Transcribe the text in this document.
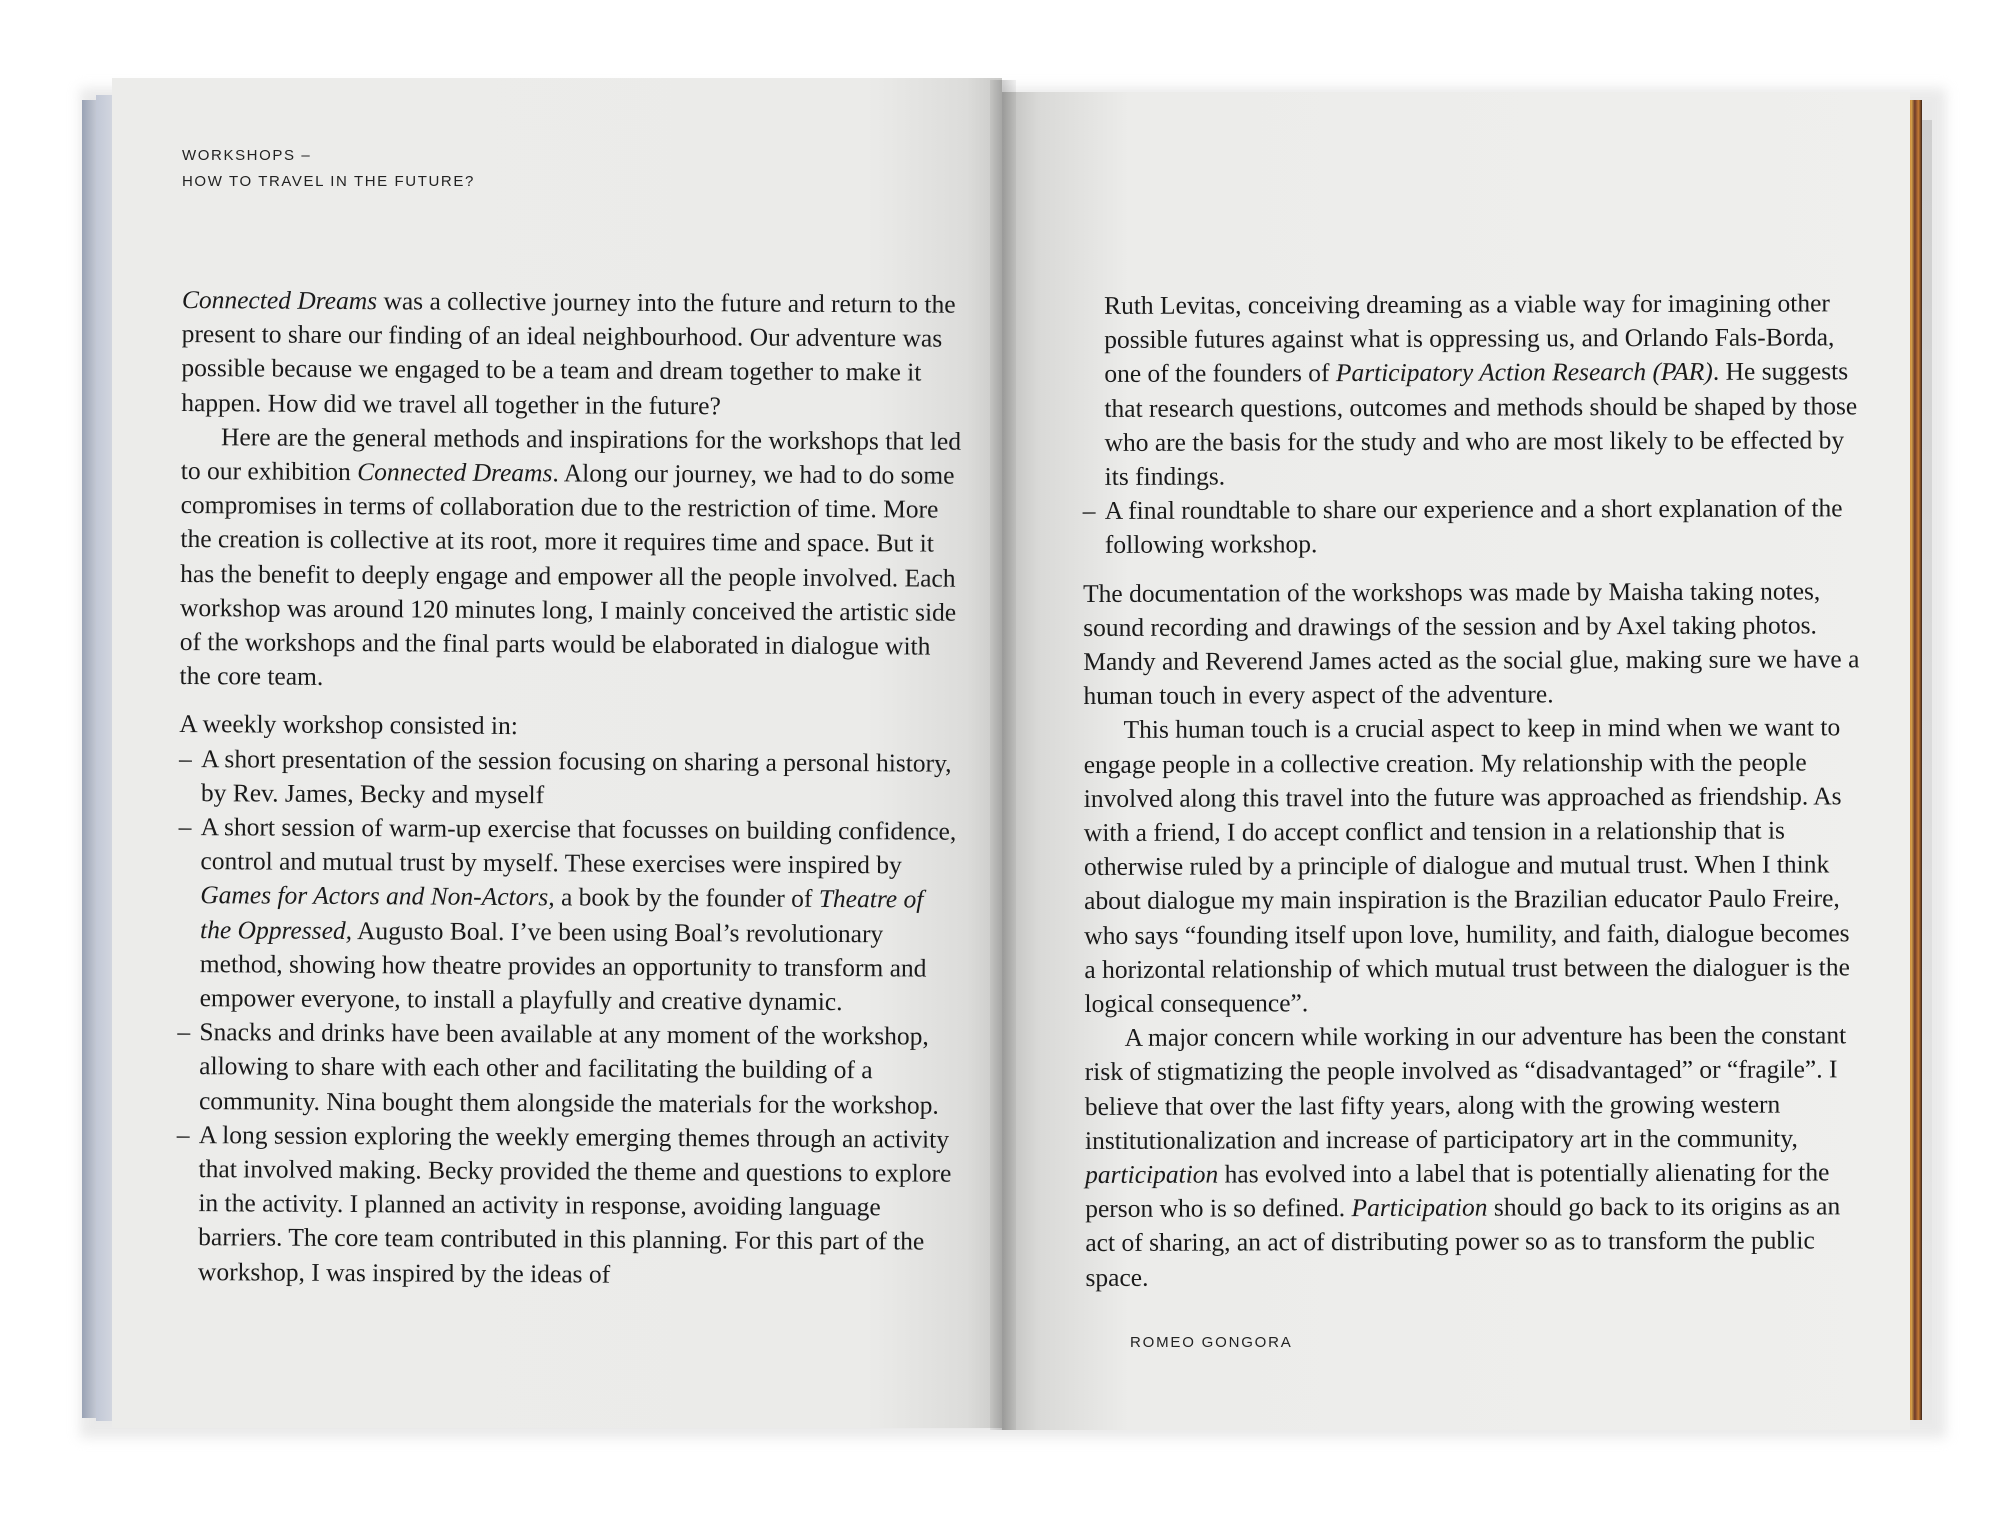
WORKSHOPS –
HOW TO TRAVEL IN THE FUTURE?

Connected Dreams was a collective journey into the future and return to the present to share our finding of an ideal neighbourhood. Our adventure was possible because we engaged to be a team and dream together to make it happen. How did we travel all together in the future?

Here are the general methods and inspirations for the workshops that led to our exhibition Connected Dreams. Along our journey, we had to do some compromises in terms of collaboration due to the restriction of time. More the creation is collective at its root, more it requires time and space. But it has the benefit to deeply engage and empower all the people involved. Each workshop was around 120 minutes long, I mainly conceived the artistic side of the workshops and the final parts would be elaborated in dialogue with the core team.

A weekly workshop consisted in:

– A short presentation of the session focusing on sharing a personal history, by Rev. James, Becky and myself
– A short session of warm-up exercise that focusses on building confidence, control and mutual trust by myself. These exercises were inspired by Games for Actors and Non-Actors, a book by the founder of Theatre of the Oppressed, Augusto Boal. I’ve been using Boal’s revolutionary method, showing how theatre provides an opportunity to transform and empower everyone, to install a playfully and creative dynamic.
– Snacks and drinks have been available at any moment of the workshop, allowing to share with each other and facilitating the building of a community. Nina bought them alongside the materials for the workshop.
– A long session exploring the weekly emerging themes through an activity that involved making. Becky provided the theme and questions to explore in the activity. I planned an activity in response, avoiding language barriers. The core team contributed in this planning. For this part of the workshop, I was inspired by the ideas of

Ruth Levitas, conceiving dreaming as a viable way for imagining other possible futures against what is oppressing us, and Orlando Fals-Borda, one of the founders of Participatory Action Research (PAR). He suggests that research questions, outcomes and methods should be shaped by those who are the basis for the study and who are most likely to be effected by its findings.

– A final roundtable to share our experience and a short explanation of the following workshop.

The documentation of the workshops was made by Maisha taking notes, sound recording and drawings of the session and by Axel taking photos. Mandy and Reverend James acted as the social glue, making sure we have a human touch in every aspect of the adventure.

This human touch is a crucial aspect to keep in mind when we want to engage people in a collective creation. My relationship with the people involved along this travel into the future was approached as friendship. As with a friend, I do accept conflict and tension in a relationship that is otherwise ruled by a principle of dialogue and mutual trust. When I think about dialogue my main inspiration is the Brazilian educator Paulo Freire, who says “founding itself upon love, humility, and faith, dialogue becomes a horizontal relationship of which mutual trust between the dialoguer is the logical consequence”.

A major concern while working in our adventure has been the constant risk of stigmatizing the people involved as “disadvantaged” or “fragile”. I believe that over the last fifty years, along with the growing western institutionalization and increase of participatory art in the community, participation has evolved into a label that is potentially alienating for the person who is so defined. Participation should go back to its origins as an act of sharing, an act of distributing power so as to transform the public space.

ROMEO GONGORA
